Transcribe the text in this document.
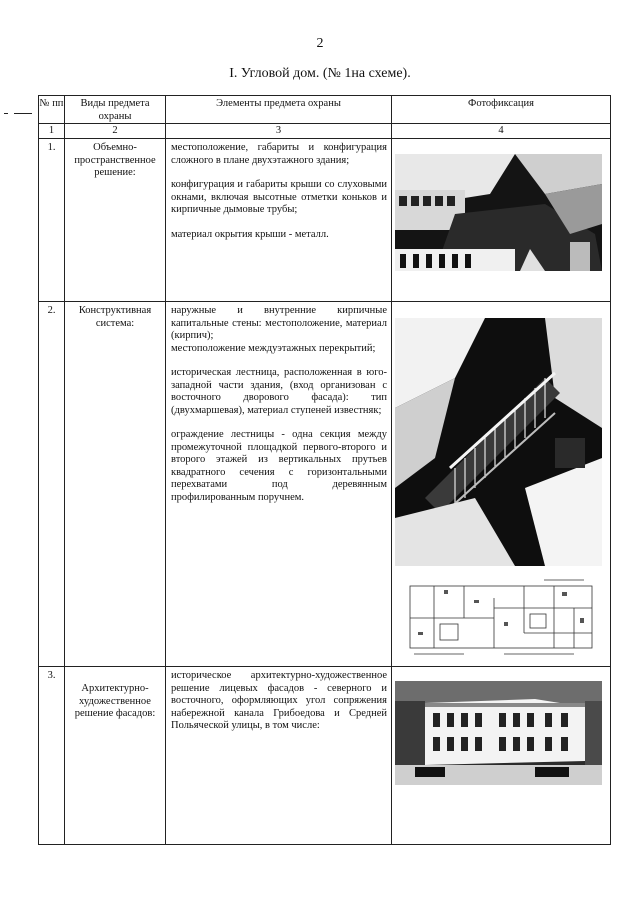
2
I. Угловой дом. (№ 1на схеме).
№ пп	Виды предмета охраны	Элементы предмета охраны	Фотофиксация
1	2	3	4
1.	Объемно-пространственное решение:	местоположение, габариты и конфигурация сложного в плане двухэтажного здания;

конфигурация и габариты крыши со слуховыми окнами, включая высотные отметки коньков и кирпичные дымовые трубы;

материал окрытия крыши - металл.

2.	Конструктивная система:	наружные и внутренние кирпичные капитальные стены: местоположение, материал (кирпич);
местоположение междуэтажных перекрытий;

историческая лестница, расположенная в юго-западной части здания, (вход организован с восточного дворового фасада): тип (двухмаршевая), материал ступеней известняк;

ограждение лестницы - одна секция между промежуточной площадкой первого-второго и второго этажей из вертикальных прутьев квадратного сечения с горизонтальными перехватами под деревянным профилированным поручнем.

3.	Архитектурно-художественное решение фасадов:	историческое архитектурно-художественное решение лицевых фасадов - северного и восточного, оформляющих угол сопряжения набережной канала Грибоедова и Средней Польяческой улицы, в том числе:
